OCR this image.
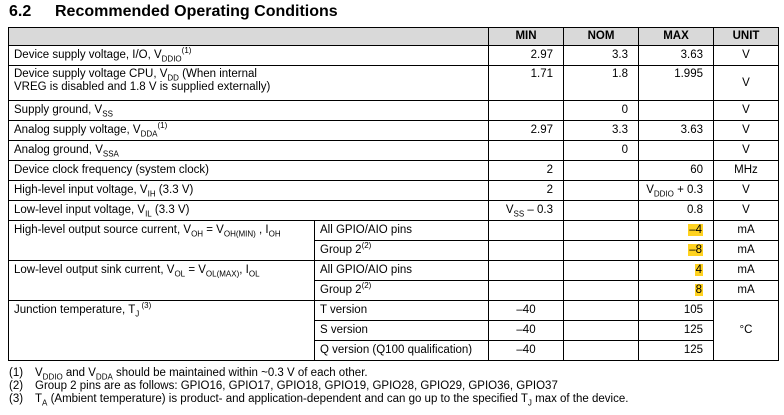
6.2 Recommended Operating Conditions
		MIN	NOM	MAX	UNIT
Device supply voltage, I/O, $V_{DDIO}^{(1)}$		2.97	3.3	3.63	V
Device supply voltage CPU, $V_{DD}$ (When internal
VREG is disabled and 1.8 V is supplied externally)		1.71	1.8	1.995	V
Supply ground, $V_{SS}$			0		V
Analog supply voltage, $V_{DDA}^{(1)}$		2.97	3.3	3.63	V
Analog ground, $V_{SSA}$			0		V
Device clock frequency (system clock)		2		60	MHz
High-level input voltage, $V_{IH}$ (3.3 V)		2		$V_{DDIO} + 0.3$	V
Low-level input voltage, $V_{IL}$ (3.3 V)		$V_{SS} - 0.3$		0.8	V
High-level output source current, $V_{OH} = V_{OH(MIN)}$ , $I_{OH}$	All GPIO/AIO pins			–4	mA
	Group 2$^{(2)}$			–8	mA
Low-level output sink current, $V_{OL} = V_{OL(MAX)}$, $I_{OL}$	All GPIO/AIO pins			4	mA
	Group 2$^{(2)}$			8	mA
Junction temperature, $T_J$ $^{(3)}$	T version	–40		105	°C
	S version	–40		125	
	Q version (Q100 qualification)	–40		125	
(1) $V_{DDIO}$ and $V_{DDA}$ should be maintained within ~0.3 V of each other.
(2) Group 2 pins are as follows: GPIO16, GPIO17, GPIO18, GPIO19, GPIO28, GPIO29, GPIO36, GPIO37
(3) $T_A$ (Ambient temperature) is product- and application-dependent and can go up to the specified $T_J$ max of the device.
